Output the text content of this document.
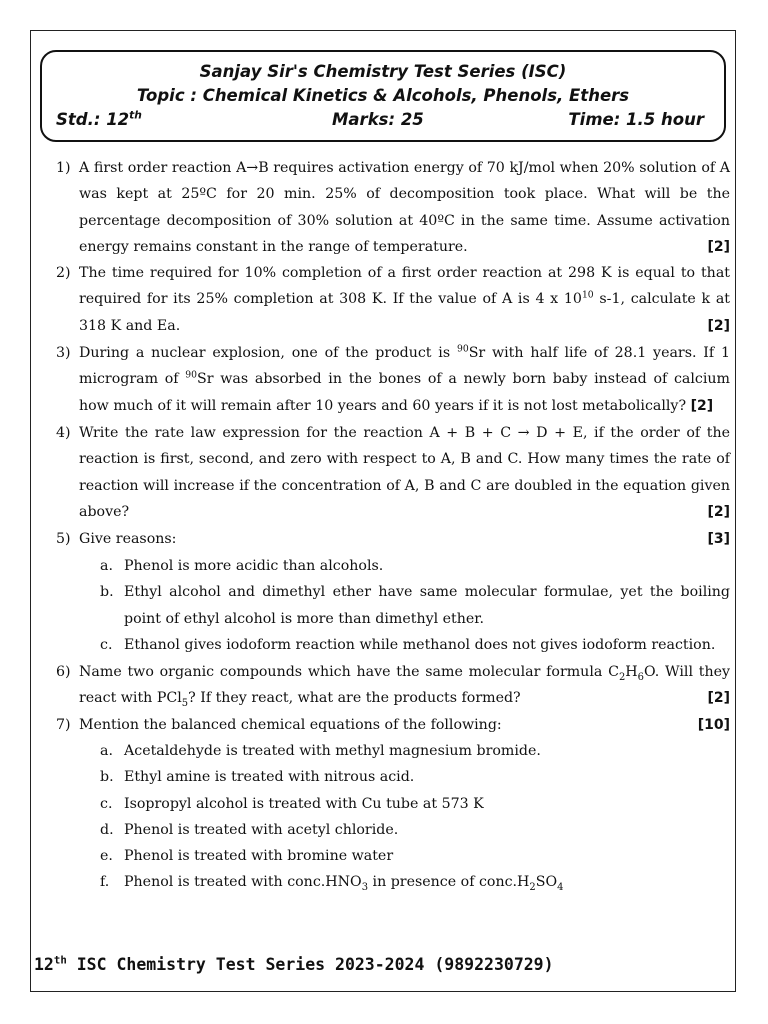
Sanjay Sir's Chemistry Test Series (ISC)
Topic : Chemical Kinetics & Alcohols, Phenols, Ethers
Std.: 12th	Marks: 25	Time: 1.5 hour
1) A first order reaction A→B requires activation energy of 70 kJ/mol when 20% solution of A was kept at 25ºC for 20 min. 25% of decomposition took place. What will be the percentage decomposition of 30% solution at 40ºC in the same time. Assume activation energy remains constant in the range of temperature.	[2]
2) The time required for 10% completion of a first order reaction at 298 K is equal to that required for its 25% completion at 308 K. If the value of A is 4 x $10^{10}$ s-1, calculate k at 318 K and Ea.	[2]
3) During a nuclear explosion, one of the product is $^{90}$Sr with half life of 28.1 years. If 1 microgram of $^{90}$Sr was absorbed in the bones of a newly born baby instead of calcium how much of it will remain after 10 years and 60 years if it is not lost metabolically? [2]
4) Write the rate law expression for the reaction A + B + C → D + E, if the order of the reaction is first, second, and zero with respect to A, B and C. How many times the rate of reaction will increase if the concentration of A, B and C are doubled in the equation given above?	[2]
5) Give reasons:	[3]
a. Phenol is more acidic than alcohols.
b. Ethyl alcohol and dimethyl ether have same molecular formulae, yet the boiling point of ethyl alcohol is more than dimethyl ether.
c. Ethanol gives iodoform reaction while methanol does not gives iodoform reaction.
6) Name two organic compounds which have the same molecular formula $C_2H_6O$. Will they react with PCl$_5$? If they react, what are the products formed?	[2]
7) Mention the balanced chemical equations of the following:	[10]
a. Acetaldehyde is treated with methyl magnesium bromide.
b. Ethyl amine is treated with nitrous acid.
c. Isopropyl alcohol is treated with Cu tube at 573 K
d. Phenol is treated with acetyl chloride.
e. Phenol is treated with bromine water
f. Phenol is treated with $conc.HNO_3$ in presence of $conc.H_2SO_4$
12th ISC Chemistry Test Series 2023-2024 (9892230729)
